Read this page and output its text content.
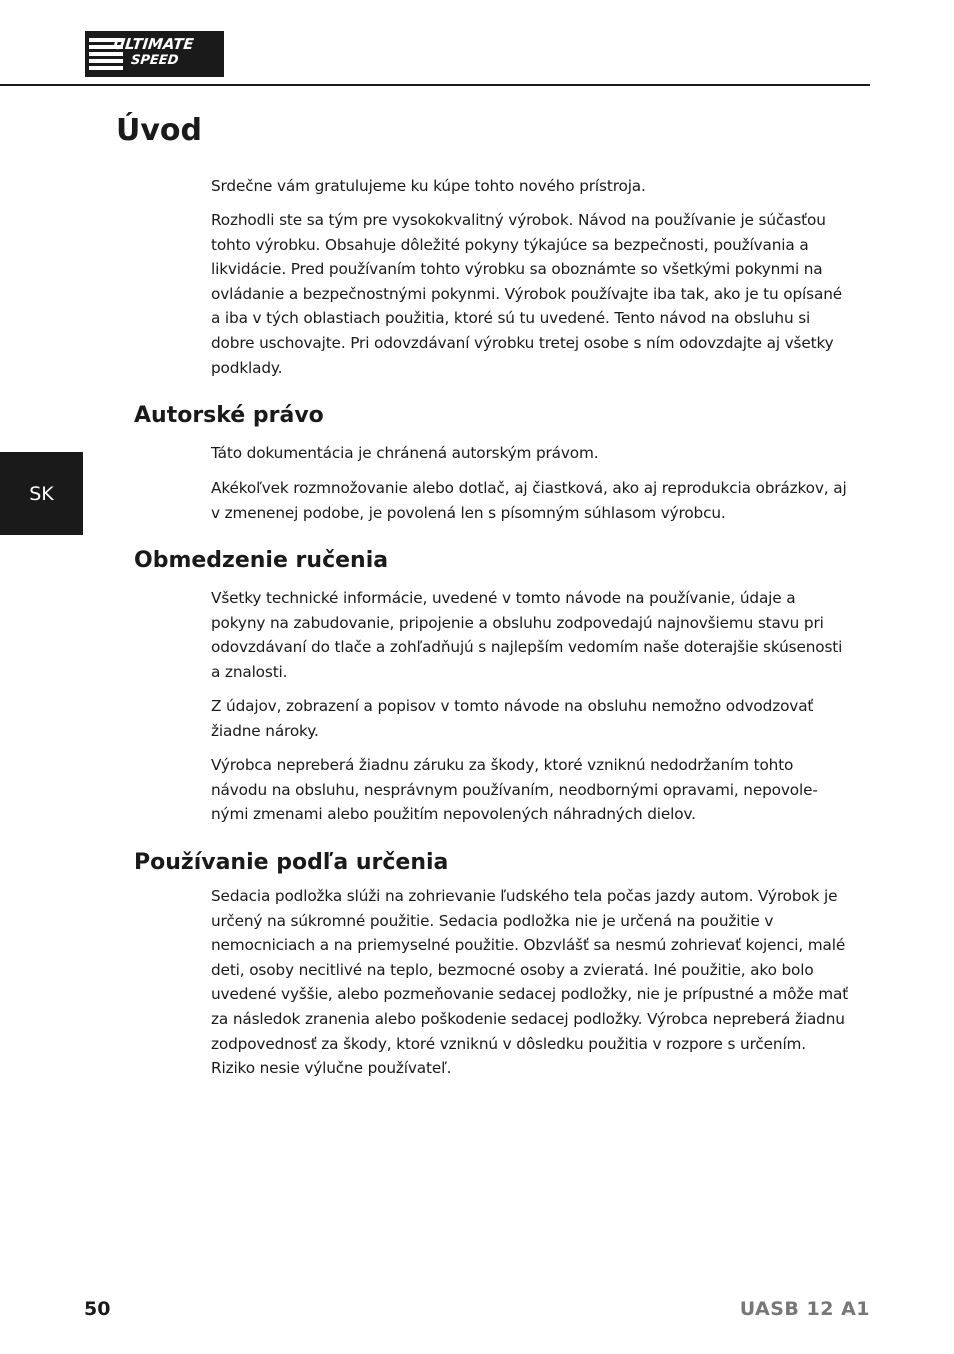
ULTIMATE
SPEED
Úvod

Srdečne vám gratulujeme ku kúpe tohto nového prístroja.

Rozhodli ste sa tým pre vysokokvalitný výrobok. Návod na používanie je súčasťou tohto výrobku. Obsahuje dôležité pokyny týkajúce sa bezpečnosti, používania a likvidácie. Pred používaním tohto výrobku sa oboznámte so všetkými pokynmi na ovládanie a bezpečnostnými pokynmi. Výrobok používajte iba tak, ako je tu opísané a iba v tých oblastiach použitia, ktoré sú tu uvedené. Tento návod na obsluhu si dobre uschovajte. Pri odovzdávaní výrobku tretej osobe s ním odovzdajte aj všetky podklady.

Autorské právo

Táto dokumentácia je chránená autorským právom.

Akékoľvek rozmnožovanie alebo dotlač, aj čiastková, ako aj reprodukcia obrázkov, aj v zmenenej podobe, je povolená len s písomným súhlasom výrobcu.

Obmedzenie ručenia

Všetky technické informácie, uvedené v tomto návode na používanie, údaje a pokyny na zabudovanie, pripojenie a obsluhu zodpovedajú najnovšiemu stavu pri odovzdávaní do tlače a zohľadňujú s najlepším vedomím naše doterajšie skúsenosti a znalosti.

Z údajov, zobrazení a popisov v tomto návode na obsluhu nemožno odvodzovať žiadne nároky.

Výrobca nepreberá žiadnu záruku za škody, ktoré vzniknú nedodržaním tohto návodu na obsluhu, nesprávnym používaním, neodbornými opravami, nepovole-nými zmenami alebo použitím nepovolených náhradných dielov.

Používanie podľa určenia

Sedacia podložka slúži na zohrievanie ľudského tela počas jazdy autom. Výrobok je určený na súkromné použitie. Sedacia podložka nie je určená na použitie v nemocniciach a na priemyselné použitie. Obzvlášť sa nesmú zohrievať kojenci, malé deti, osoby necitlivé na teplo, bezmocné osoby a zvieratá. Iné použitie, ako bolo uvedené vyššie, alebo pozmeňovanie sedacej podložky, nie je prípustné a môže mať za následok zranenia alebo poškodenie sedacej podložky. Výrobca nepreberá žiadnu zodpovednosť za škody, ktoré vzniknú v dôsledku použitia v rozpore s určením. Riziko nesie výlučne používateľ.

SK
50	UASB 12 A1
